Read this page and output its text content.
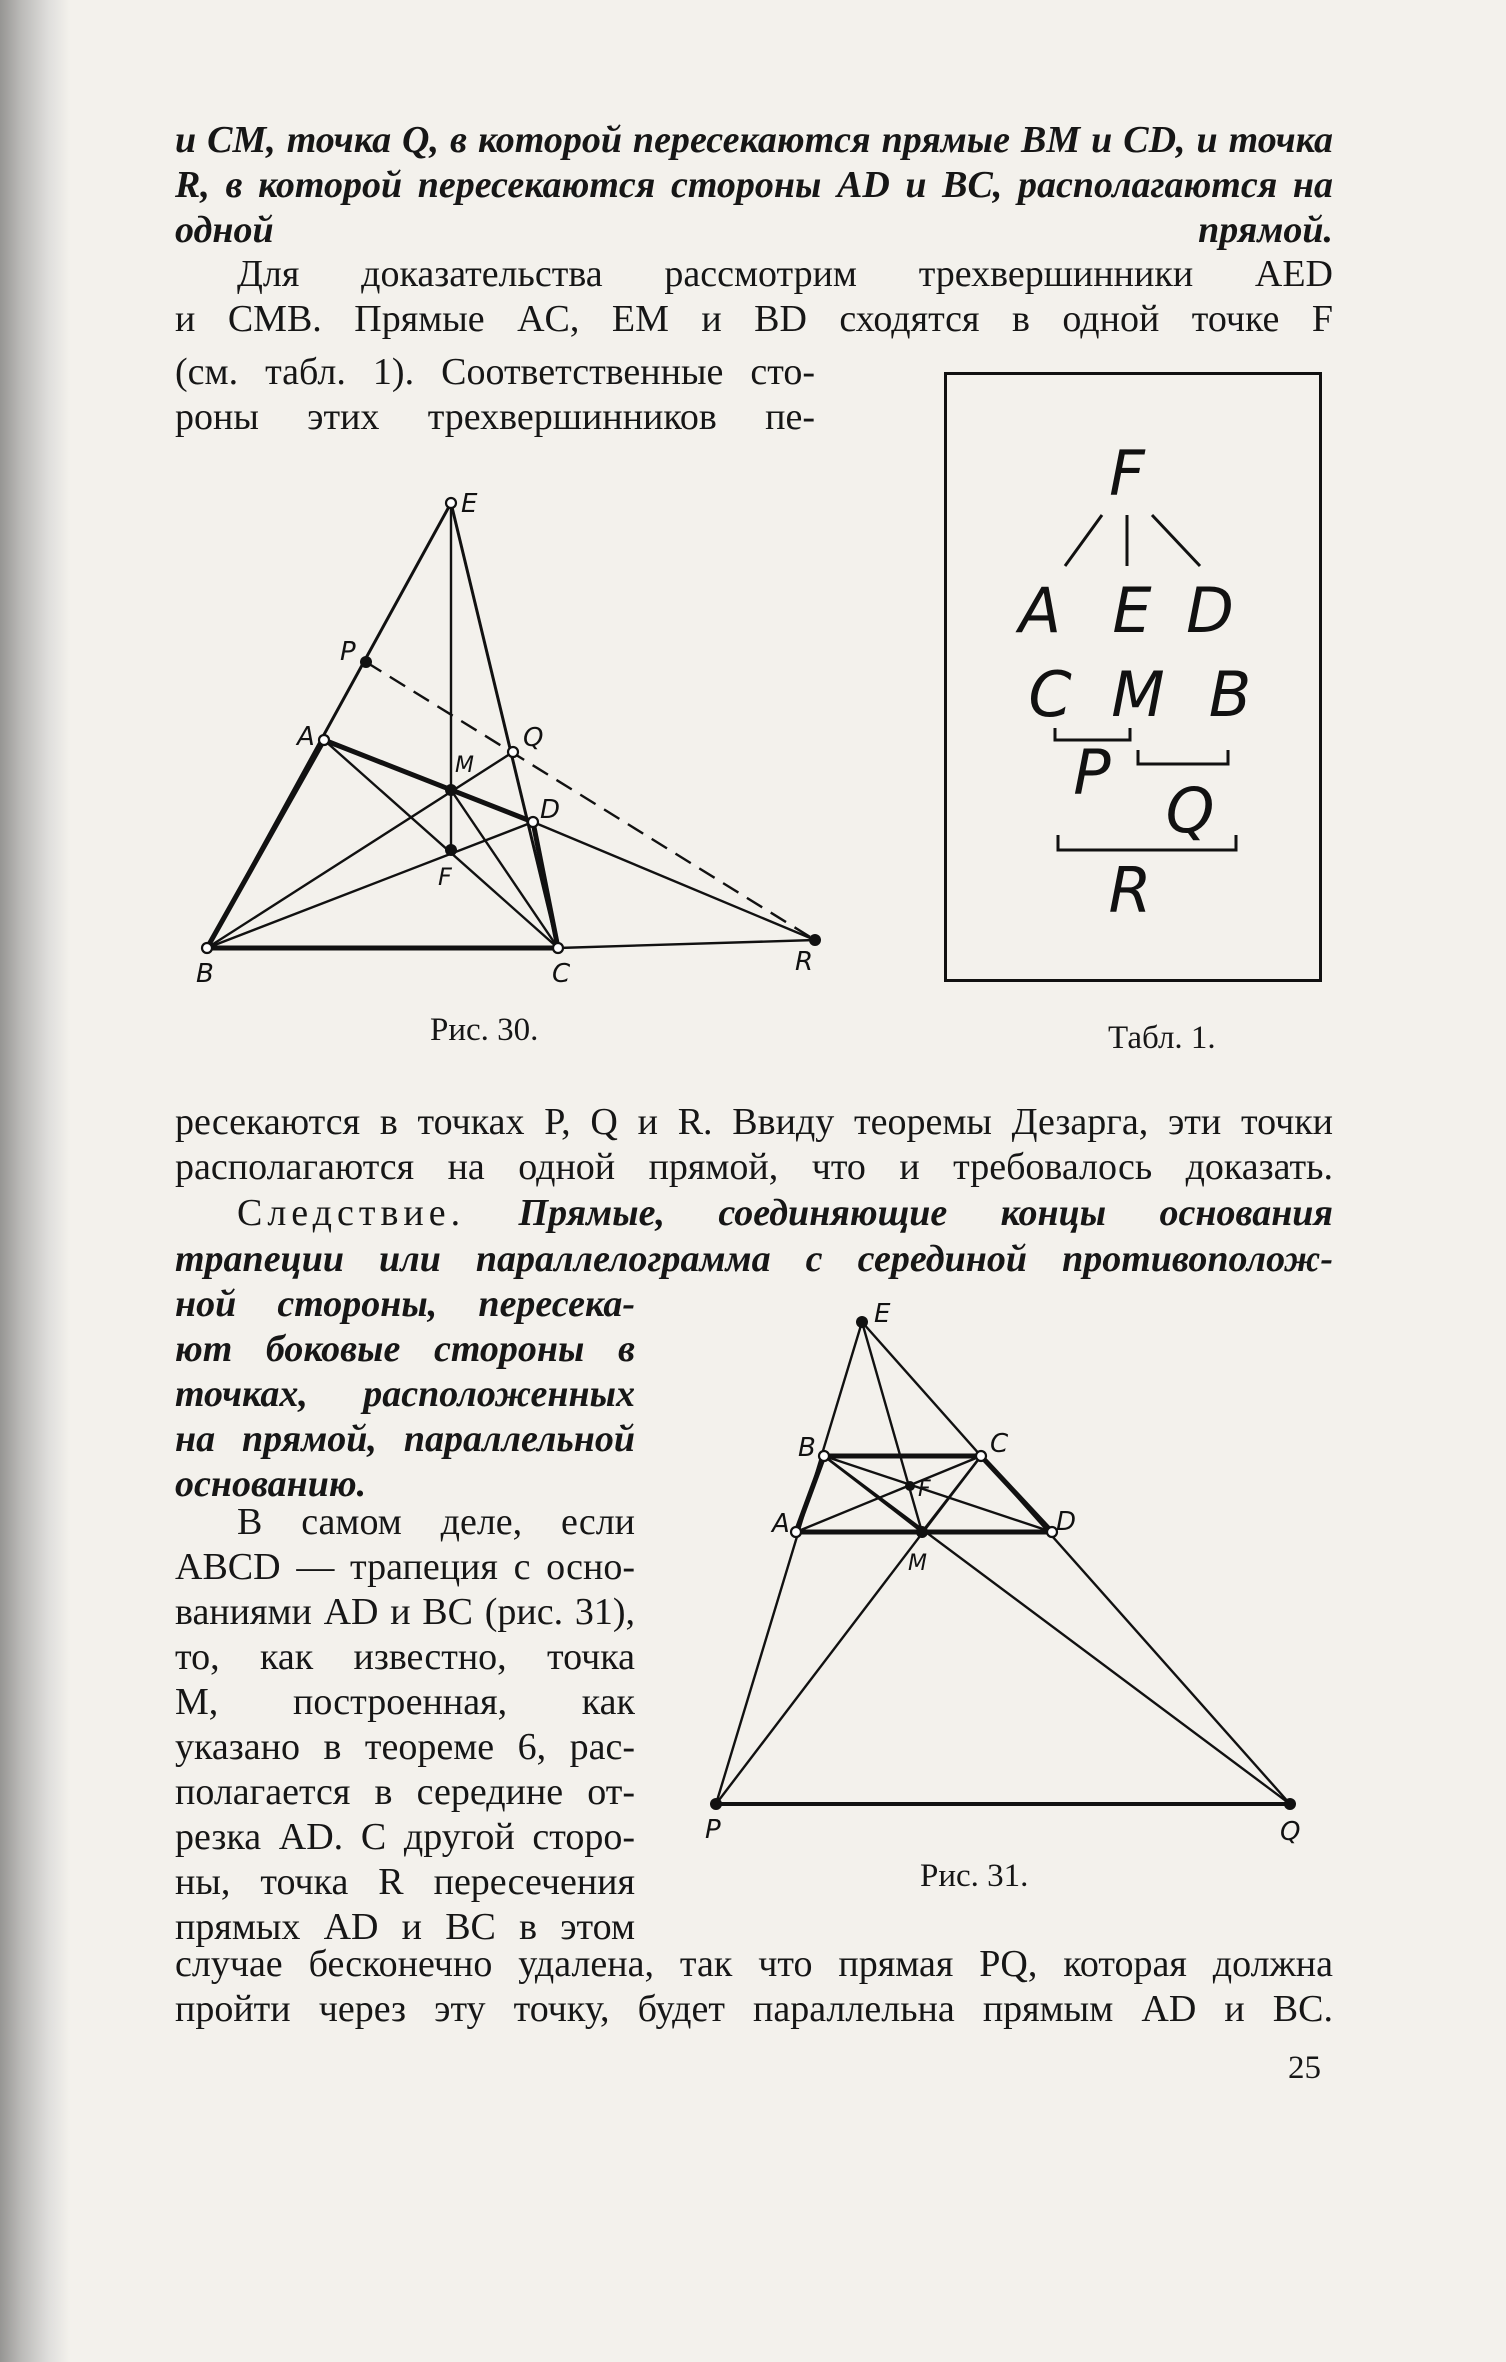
и CM, точка Q, в которой пересекаются прямые BM и CD, и точка R, в которой пересекаются стороны AD и BC, располагаются на одной прямой.

Для доказательства рассмотрим трехвершинники AED

и CMB. Прямые AC, EM и BD сходятся в одной точке F

(см. табл. 1). Соответственные сто-

роны этих трехвершинников пе-

E
P
A
M
Q
D
F
B	C	R
Рис. 30.
F
A E D
C M B
P
Q
R
Табл. 1.

ресекаются в точках P, Q и R. Ввиду теоремы Дезарга, эти точки располагаются на одной прямой, что и требовалось доказать.

Следствие. Прямые, соединяющие концы основания

трапеции или параллелограмма с серединой противополож-

ной стороны, пересека-
ют боковые стороны в
точках, расположенных
на прямой, параллельной
основанию.
В самом деле, если
ABCD — трапеция с осно-
ваниями AD и BC (рис. 31),
то, как известно, точка
M, построенная, как
указано в теореме 6, рас-
полагается в середине от-
резка AD. С другой сторо-
ны, точка R пересечения
прямых AD и BC в этом
E
B	C
A
F
D
M
P	Q
Рис. 31.

случае бесконечно удалена, так что прямая PQ, которая должна

пройти через эту точку, будет параллельна прямым AD и BC.

25
